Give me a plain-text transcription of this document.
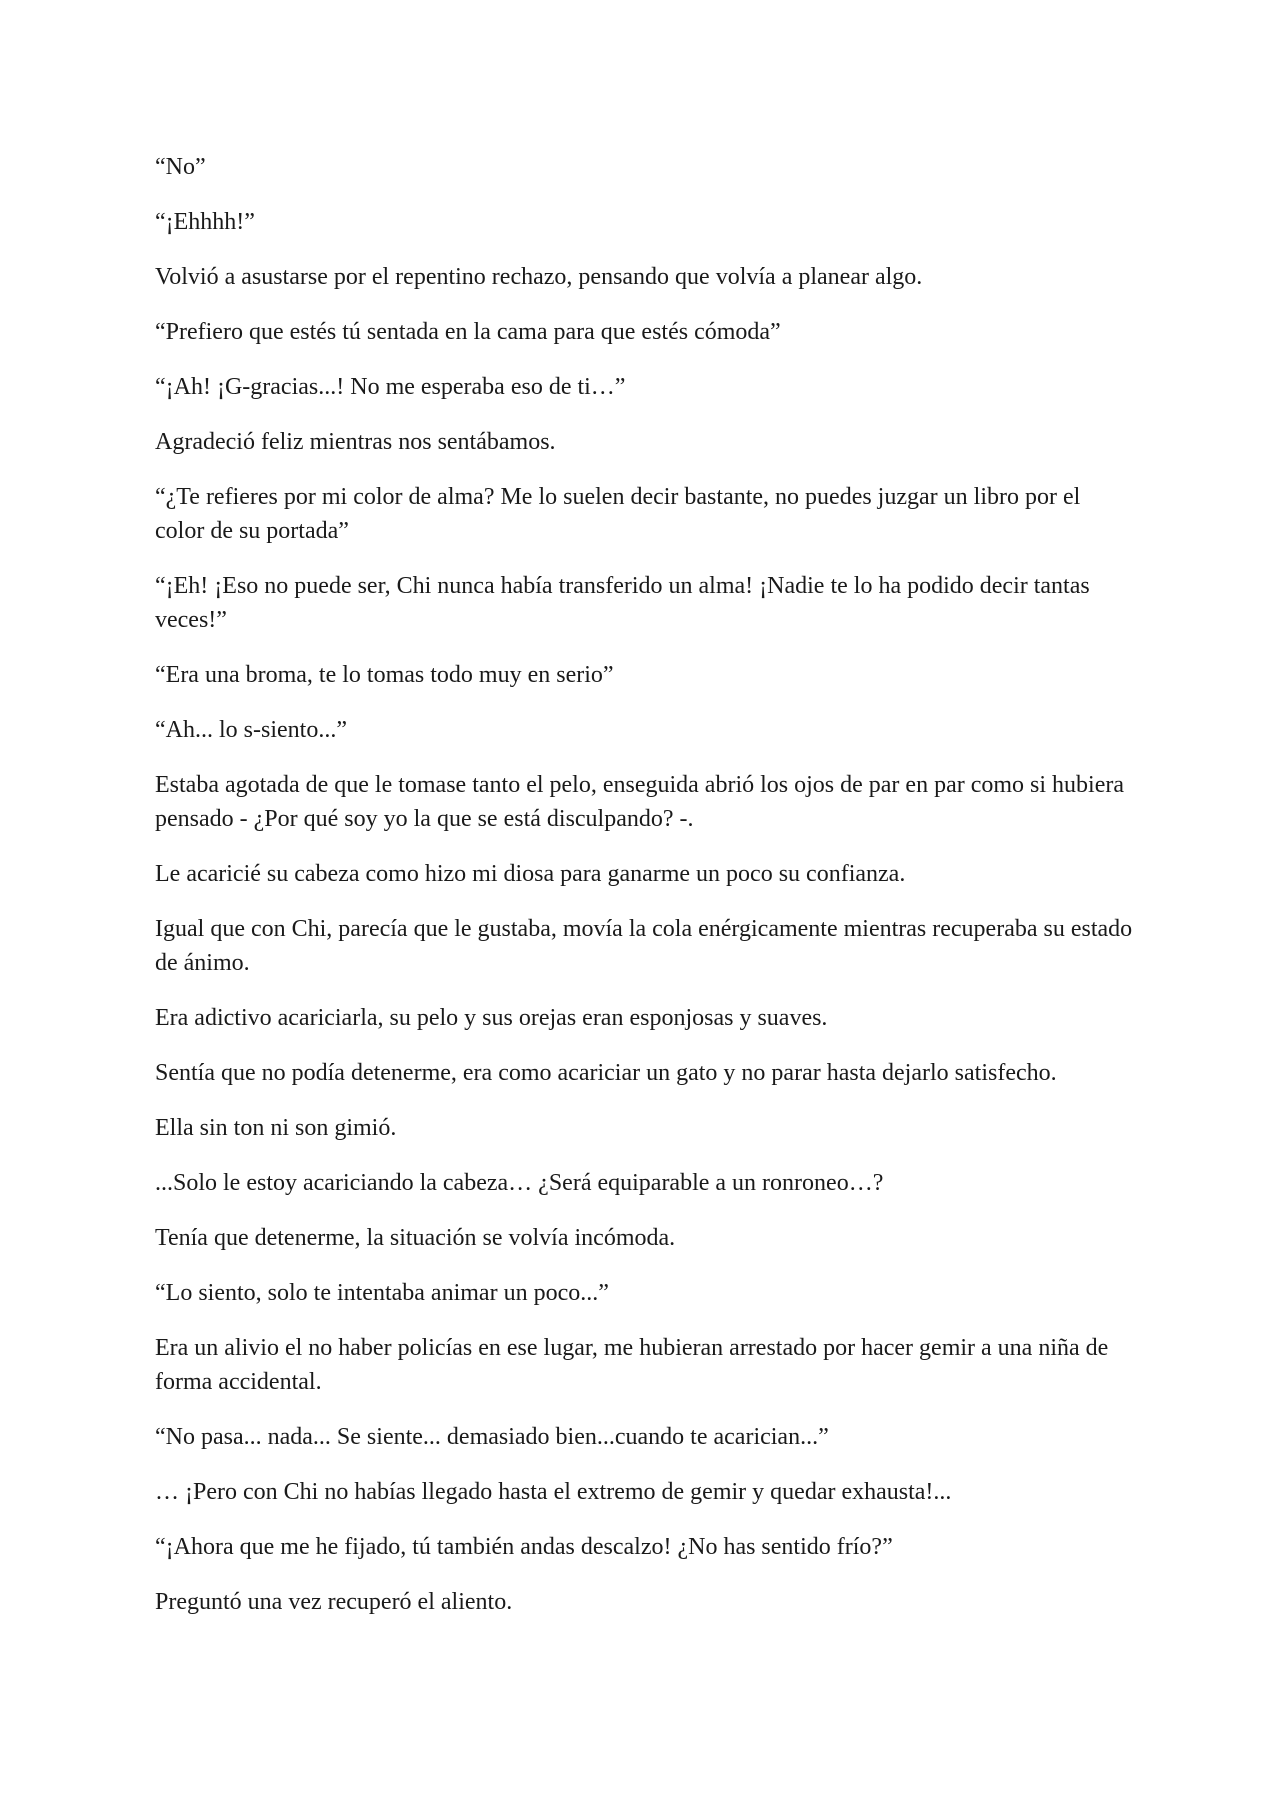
“No”

“¡Ehhhh!”

Volvió a asustarse por el repentino rechazo, pensando que volvía a planear algo.

“Prefiero que estés tú sentada en la cama para que estés cómoda”

“¡Ah! ¡G-gracias...! No me esperaba eso de ti…”

Agradeció feliz mientras nos sentábamos.

“¿Te refieres por mi color de alma? Me lo suelen decir bastante, no puedes juzgar un libro por el color de su portada”

“¡Eh! ¡Eso no puede ser, Chi nunca había transferido un alma! ¡Nadie te lo ha podido decir tantas veces!”

“Era una broma, te lo tomas todo muy en serio”

“Ah... lo s-siento...”

Estaba agotada de que le tomase tanto el pelo, enseguida abrió los ojos de par en par como si hubiera pensado - ¿Por qué soy yo la que se está disculpando? -.

Le acaricié su cabeza como hizo mi diosa para ganarme un poco su confianza.

Igual que con Chi, parecía que le gustaba, movía la cola enérgicamente mientras recuperaba su estado de ánimo.

Era adictivo acariciarla, su pelo y sus orejas eran esponjosas y suaves.

Sentía que no podía detenerme, era como acariciar un gato y no parar hasta dejarlo satisfecho.

Ella sin ton ni son gimió.

...Solo le estoy acariciando la cabeza… ¿Será equiparable a un ronroneo…?

Tenía que detenerme, la situación se volvía incómoda.

“Lo siento, solo te intentaba animar un poco...”

Era un alivio el no haber policías en ese lugar, me hubieran arrestado por hacer gemir a una niña de forma accidental.

“No pasa... nada... Se siente... demasiado bien...cuando te acarician...”

… ¡Pero con Chi no habías llegado hasta el extremo de gemir y quedar exhausta!...

“¡Ahora que me he fijado, tú también andas descalzo! ¿No has sentido frío?”

Preguntó una vez recuperó el aliento.
